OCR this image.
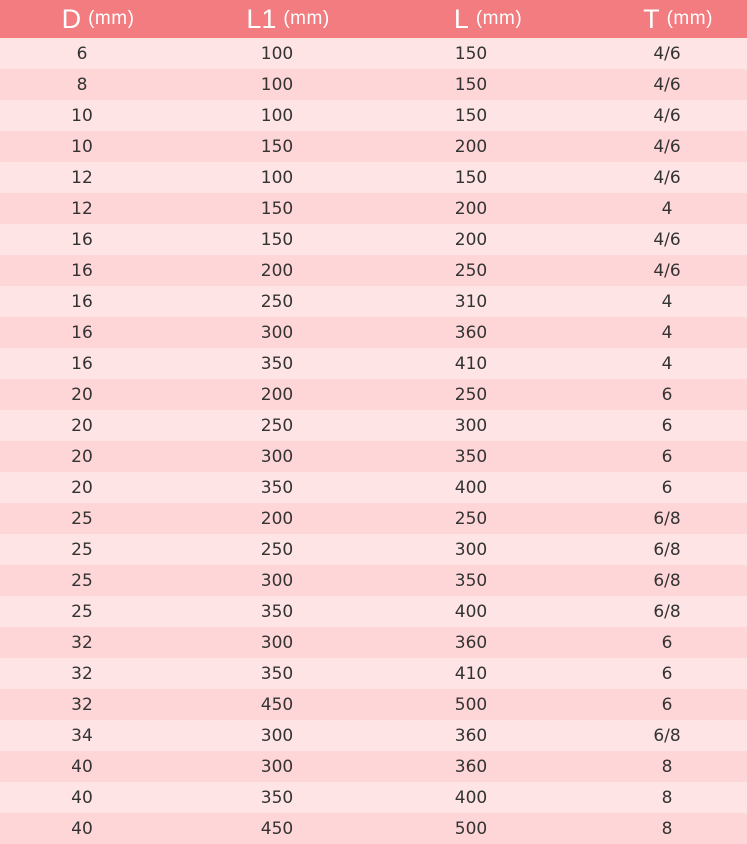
D (mm)	L1 (mm)	L (mm)	T (mm)
6	100	150	4/6
8	100	150	4/6
10	100	150	4/6
10	150	200	4/6
12	100	150	4/6
12	150	200	4
16	150	200	4/6
16	200	250	4/6
16	250	310	4
16	300	360	4
16	350	410	4
20	200	250	6
20	250	300	6
20	300	350	6
20	350	400	6
25	200	250	6/8
25	250	300	6/8
25	300	350	6/8
25	350	400	6/8
32	300	360	6
32	350	410	6
32	450	500	6
34	300	360	6/8
40	300	360	8
40	350	400	8
40	450	500	8
